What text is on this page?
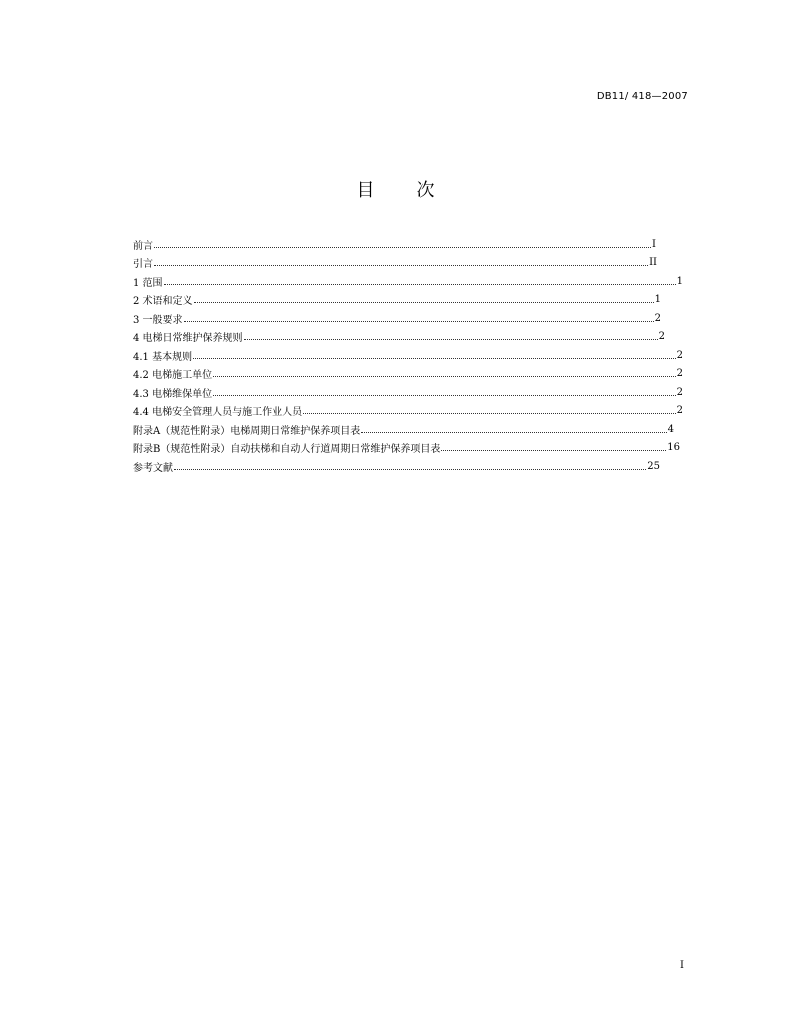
DB11/ 418—2007
目次
前言	I
引言	II
1 范围	1
2 术语和定义	1
3 一般要求	2
4 电梯日常维护保养规则	2
4.1 基本规则	2
4.2 电梯施工单位	2
4.3 电梯维保单位	2
4.4 电梯安全管理人员与施工作业人员	2
附录A（规范性附录）电梯周期日常维护保养项目表	4
附录B（规范性附录）自动扶梯和自动人行道周期日常维护保养项目表	16
参考文献	25
I
